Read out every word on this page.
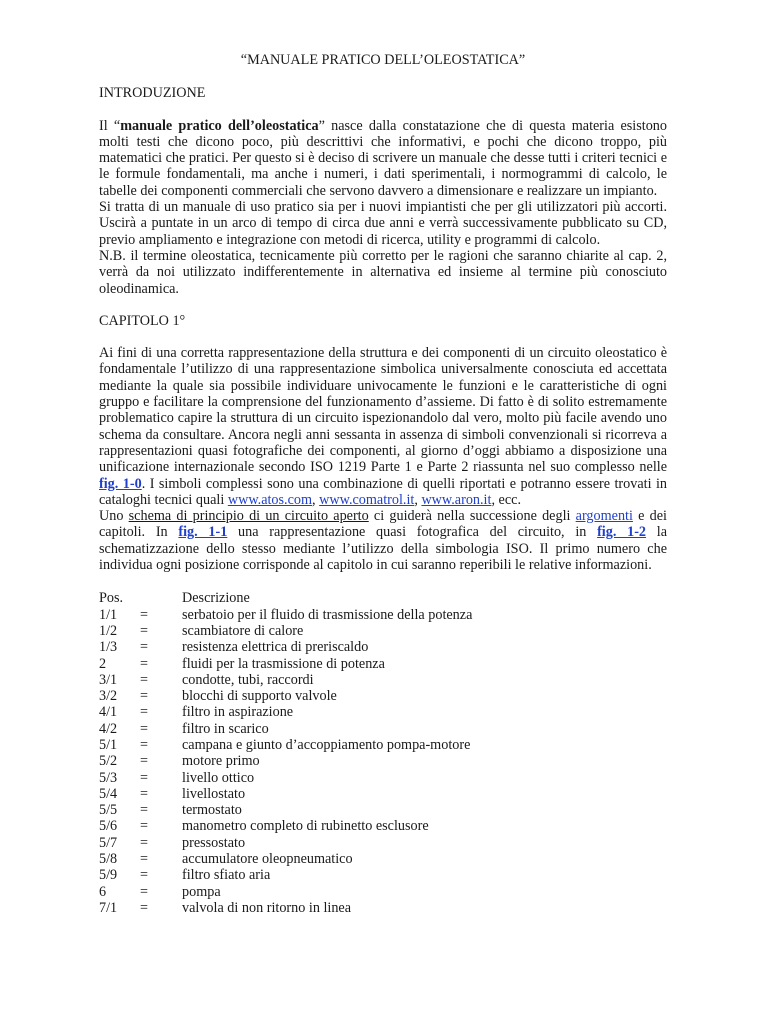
“MANUALE PRATICO DELL’OLEOSTATICA”

INTRODUZIONE

Il “manuale pratico dell’oleostatica” nasce dalla constatazione che di questa materia esistono molti testi che dicono poco, più descrittivi che informativi, e pochi che dicono troppo, più matematici che pratici. Per questo si è deciso di scrivere un manuale che desse tutti i criteri tecnici e le formule fondamentali, ma anche i numeri, i dati sperimentali, i normogrammi di calcolo, le tabelle dei componenti commerciali che servono davvero a dimensionare e realizzare un impianto.

Si tratta di un manuale di uso pratico sia per i nuovi impiantisti che per gli utilizzatori più accorti. Uscirà a puntate in un arco di tempo di circa due anni e verrà successivamente pubblicato su CD, previo ampliamento e integrazione con metodi di ricerca, utility e programmi di calcolo.

N.B. il termine oleostatica, tecnicamente più corretto per le ragioni che saranno chiarite al cap. 2, verrà da noi utilizzato indifferentemente in alternativa ed insieme al termine più conosciuto oleodinamica.

CAPITOLO 1°

Ai fini di una corretta rappresentazione della struttura e dei componenti di un circuito oleostatico è fondamentale l’utilizzo di una rappresentazione simbolica universalmente conosciuta ed accettata mediante la quale sia possibile individuare univocamente le funzioni e le caratteristiche di ogni gruppo e facilitare la comprensione del funzionamento d’assieme. Di fatto è di solito estremamente problematico capire la struttura di un circuito ispezionandolo dal vero, molto più facile avendo uno schema da consultare. Ancora negli anni sessanta in assenza di simboli convenzionali si ricorreva a rappresentazioni quasi fotografiche dei componenti, al giorno d’oggi abbiamo a disposizione una unificazione internazionale secondo ISO 1219 Parte 1 e Parte 2 riassunta nel suo complesso nelle fig. 1-0. I simboli complessi sono una combinazione di quelli riportati e potranno essere trovati in cataloghi tecnici quali www.atos.com, www.comatrol.it, www.aron.it, ecc.

Uno schema di principio di un circuito aperto ci guiderà nella successione degli argomenti e dei capitoli. In fig. 1-1 una rappresentazione quasi fotografica del circuito, in fig. 1-2 la schematizzazione dello stesso mediante l’utilizzo della simbologia ISO. Il primo numero che individua ogni posizione corrisponde al capitolo in cui saranno reperibili le relative informazioni.

Pos.	Descrizione
1/1	=	serbatoio per il fluido di trasmissione della potenza
1/2	=	scambiatore di calore
1/3	=	resistenza elettrica di preriscaldo
2	=	fluidi per la trasmissione di potenza
3/1	=	condotte, tubi, raccordi
3/2	=	blocchi di supporto valvole
4/1	=	filtro in aspirazione
4/2	=	filtro in scarico
5/1	=	campana e giunto d’accoppiamento pompa-motore
5/2	=	motore primo
5/3	=	livello ottico
5/4	=	livellostato
5/5	=	termostato
5/6	=	manometro completo di rubinetto esclusore
5/7	=	pressostato
5/8	=	accumulatore oleopneumatico
5/9	=	filtro sfiato aria
6	=	pompa
7/1	=	valvola di non ritorno in linea
